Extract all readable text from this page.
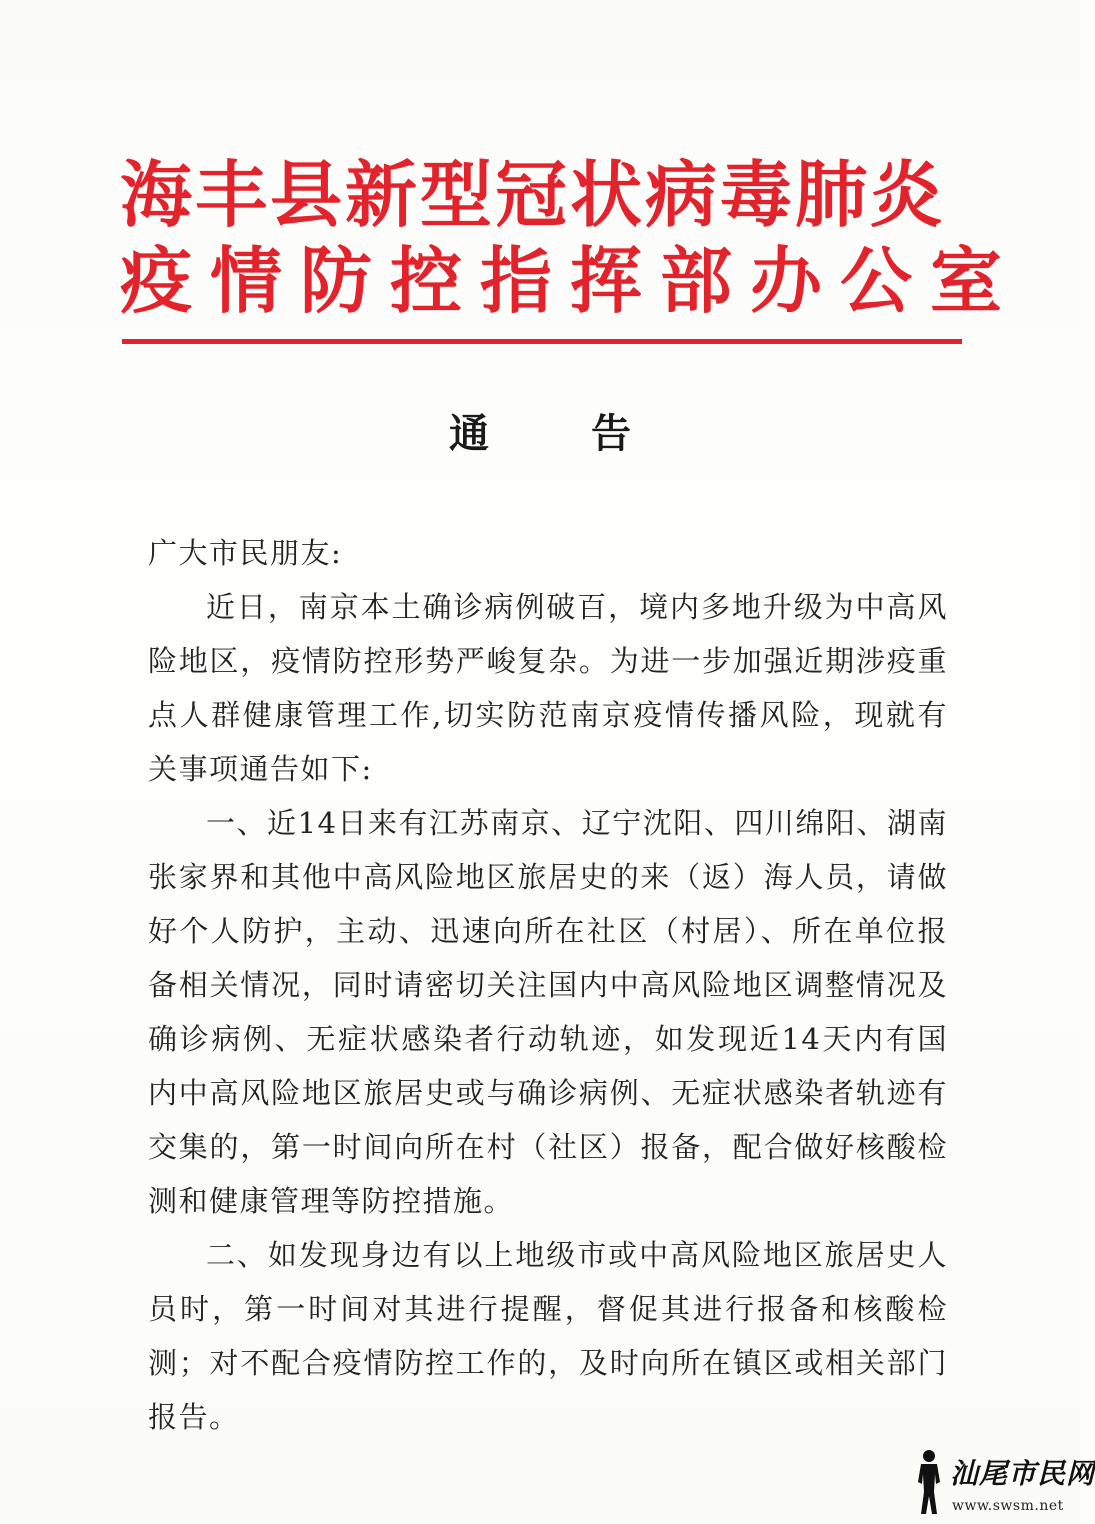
海丰县新型冠状病毒肺炎
疫情防控指挥部办公室
通 告

广大市民朋友:

近日，南京本土确诊病例破百，境内多地升级为中高风险地区，疫情防控形势严峻复杂。为进一步加强近期涉疫重点人群健康管理工作,切实防范南京疫情传播风险，现就有关事项通告如下:

一、近14日来有江苏南京、辽宁沈阳、四川绵阳、湖南张家界和其他中高风险地区旅居史的来（返）海人员，请做好个人防护，主动、迅速向所在社区（村居）、所在单位报备相关情况，同时请密切关注国内中高风险地区调整情况及确诊病例、无症状感染者行动轨迹，如发现近14天内有国内中高风险地区旅居史或与确诊病例、无症状感染者轨迹有交集的，第一时间向所在村（社区）报备，配合做好核酸检测和健康管理等防控措施。

二、如发现身边有以上地级市或中高风险地区旅居史人员时，第一时间对其进行提醒，督促其进行报备和核酸检测；对不配合疫情防控工作的，及时向所在镇区或相关部门报告。

汕尾市民网
www.swsm.net
